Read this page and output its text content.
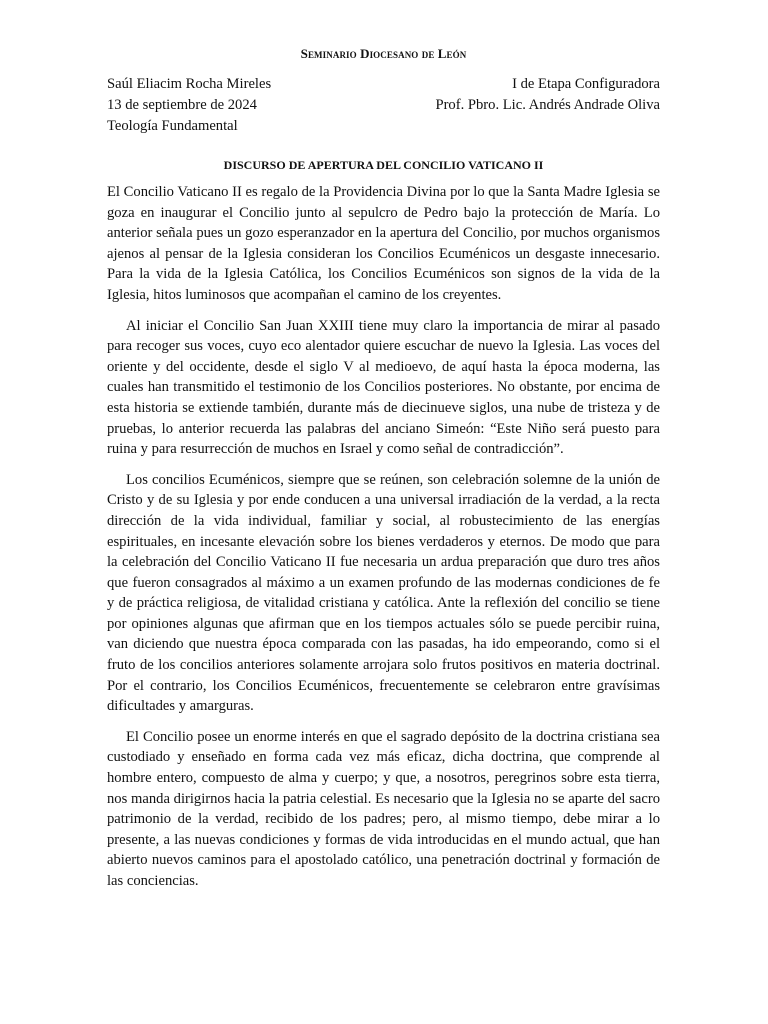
Seminario Diocesano de León
Saúl Eliacim Rocha Mireles	I de Etapa Configuradora
13 de septiembre de 2024	Prof. Pbro. Lic. Andrés Andrade Oliva
Teología Fundamental
DISCURSO DE APERTURA DEL CONCILIO VATICANO II

El Concilio Vaticano II es regalo de la Providencia Divina por lo que la Santa Madre Iglesia se goza en inaugurar el Concilio junto al sepulcro de Pedro bajo la protección de María. Lo anterior señala pues un gozo esperanzador en la apertura del Concilio, por muchos organismos ajenos al pensar de la Iglesia consideran los Concilios Ecuménicos un desgaste innecesario. Para la vida de la Iglesia Católica, los Concilios Ecuménicos son signos de la vida de la Iglesia, hitos luminosos que acompañan el camino de los creyentes.

Al iniciar el Concilio San Juan XXIII tiene muy claro la importancia de mirar al pasado para recoger sus voces, cuyo eco alentador quiere escuchar de nuevo la Iglesia. Las voces del oriente y del occidente, desde el siglo V al medioevo, de aquí hasta la época moderna, las cuales han transmitido el testimonio de los Concilios posteriores. No obstante, por encima de esta historia se extiende también, durante más de diecinueve siglos, una nube de tristeza y de pruebas, lo anterior recuerda las palabras del anciano Simeón: “Este Niño será puesto para ruina y para resurrección de muchos en Israel y como señal de contradicción”.

Los concilios Ecuménicos, siempre que se reúnen, son celebración solemne de la unión de Cristo y de su Iglesia y por ende conducen a una universal irradiación de la verdad, a la recta dirección de la vida individual, familiar y social, al robustecimiento de las energías espirituales, en incesante elevación sobre los bienes verdaderos y eternos. De modo que para la celebración del Concilio Vaticano II fue necesaria un ardua preparación que duro tres años que fueron consagrados al máximo a un examen profundo de las modernas condiciones de fe y de práctica religiosa, de vitalidad cristiana y católica. Ante la reflexión del concilio se tiene por opiniones algunas que afirman que en los tiempos actuales sólo se puede percibir ruina, van diciendo que nuestra época comparada con las pasadas, ha ido empeorando, como si el fruto de los concilios anteriores solamente arrojara solo frutos positivos en materia doctrinal. Por el contrario, los Concilios Ecuménicos, frecuentemente se celebraron entre gravísimas dificultades y amarguras.

El Concilio posee un enorme interés en que el sagrado depósito de la doctrina cristiana sea custodiado y enseñado en forma cada vez más eficaz, dicha doctrina, que comprende al hombre entero, compuesto de alma y cuerpo; y que, a nosotros, peregrinos sobre esta tierra, nos manda dirigirnos hacia la patria celestial. Es necesario que la Iglesia no se aparte del sacro patrimonio de la verdad, recibido de los padres; pero, al mismo tiempo, debe mirar a lo presente, a las nuevas condiciones y formas de vida introducidas en el mundo actual, que han abierto nuevos caminos para el apostolado católico, una penetración doctrinal y formación de las conciencias.
